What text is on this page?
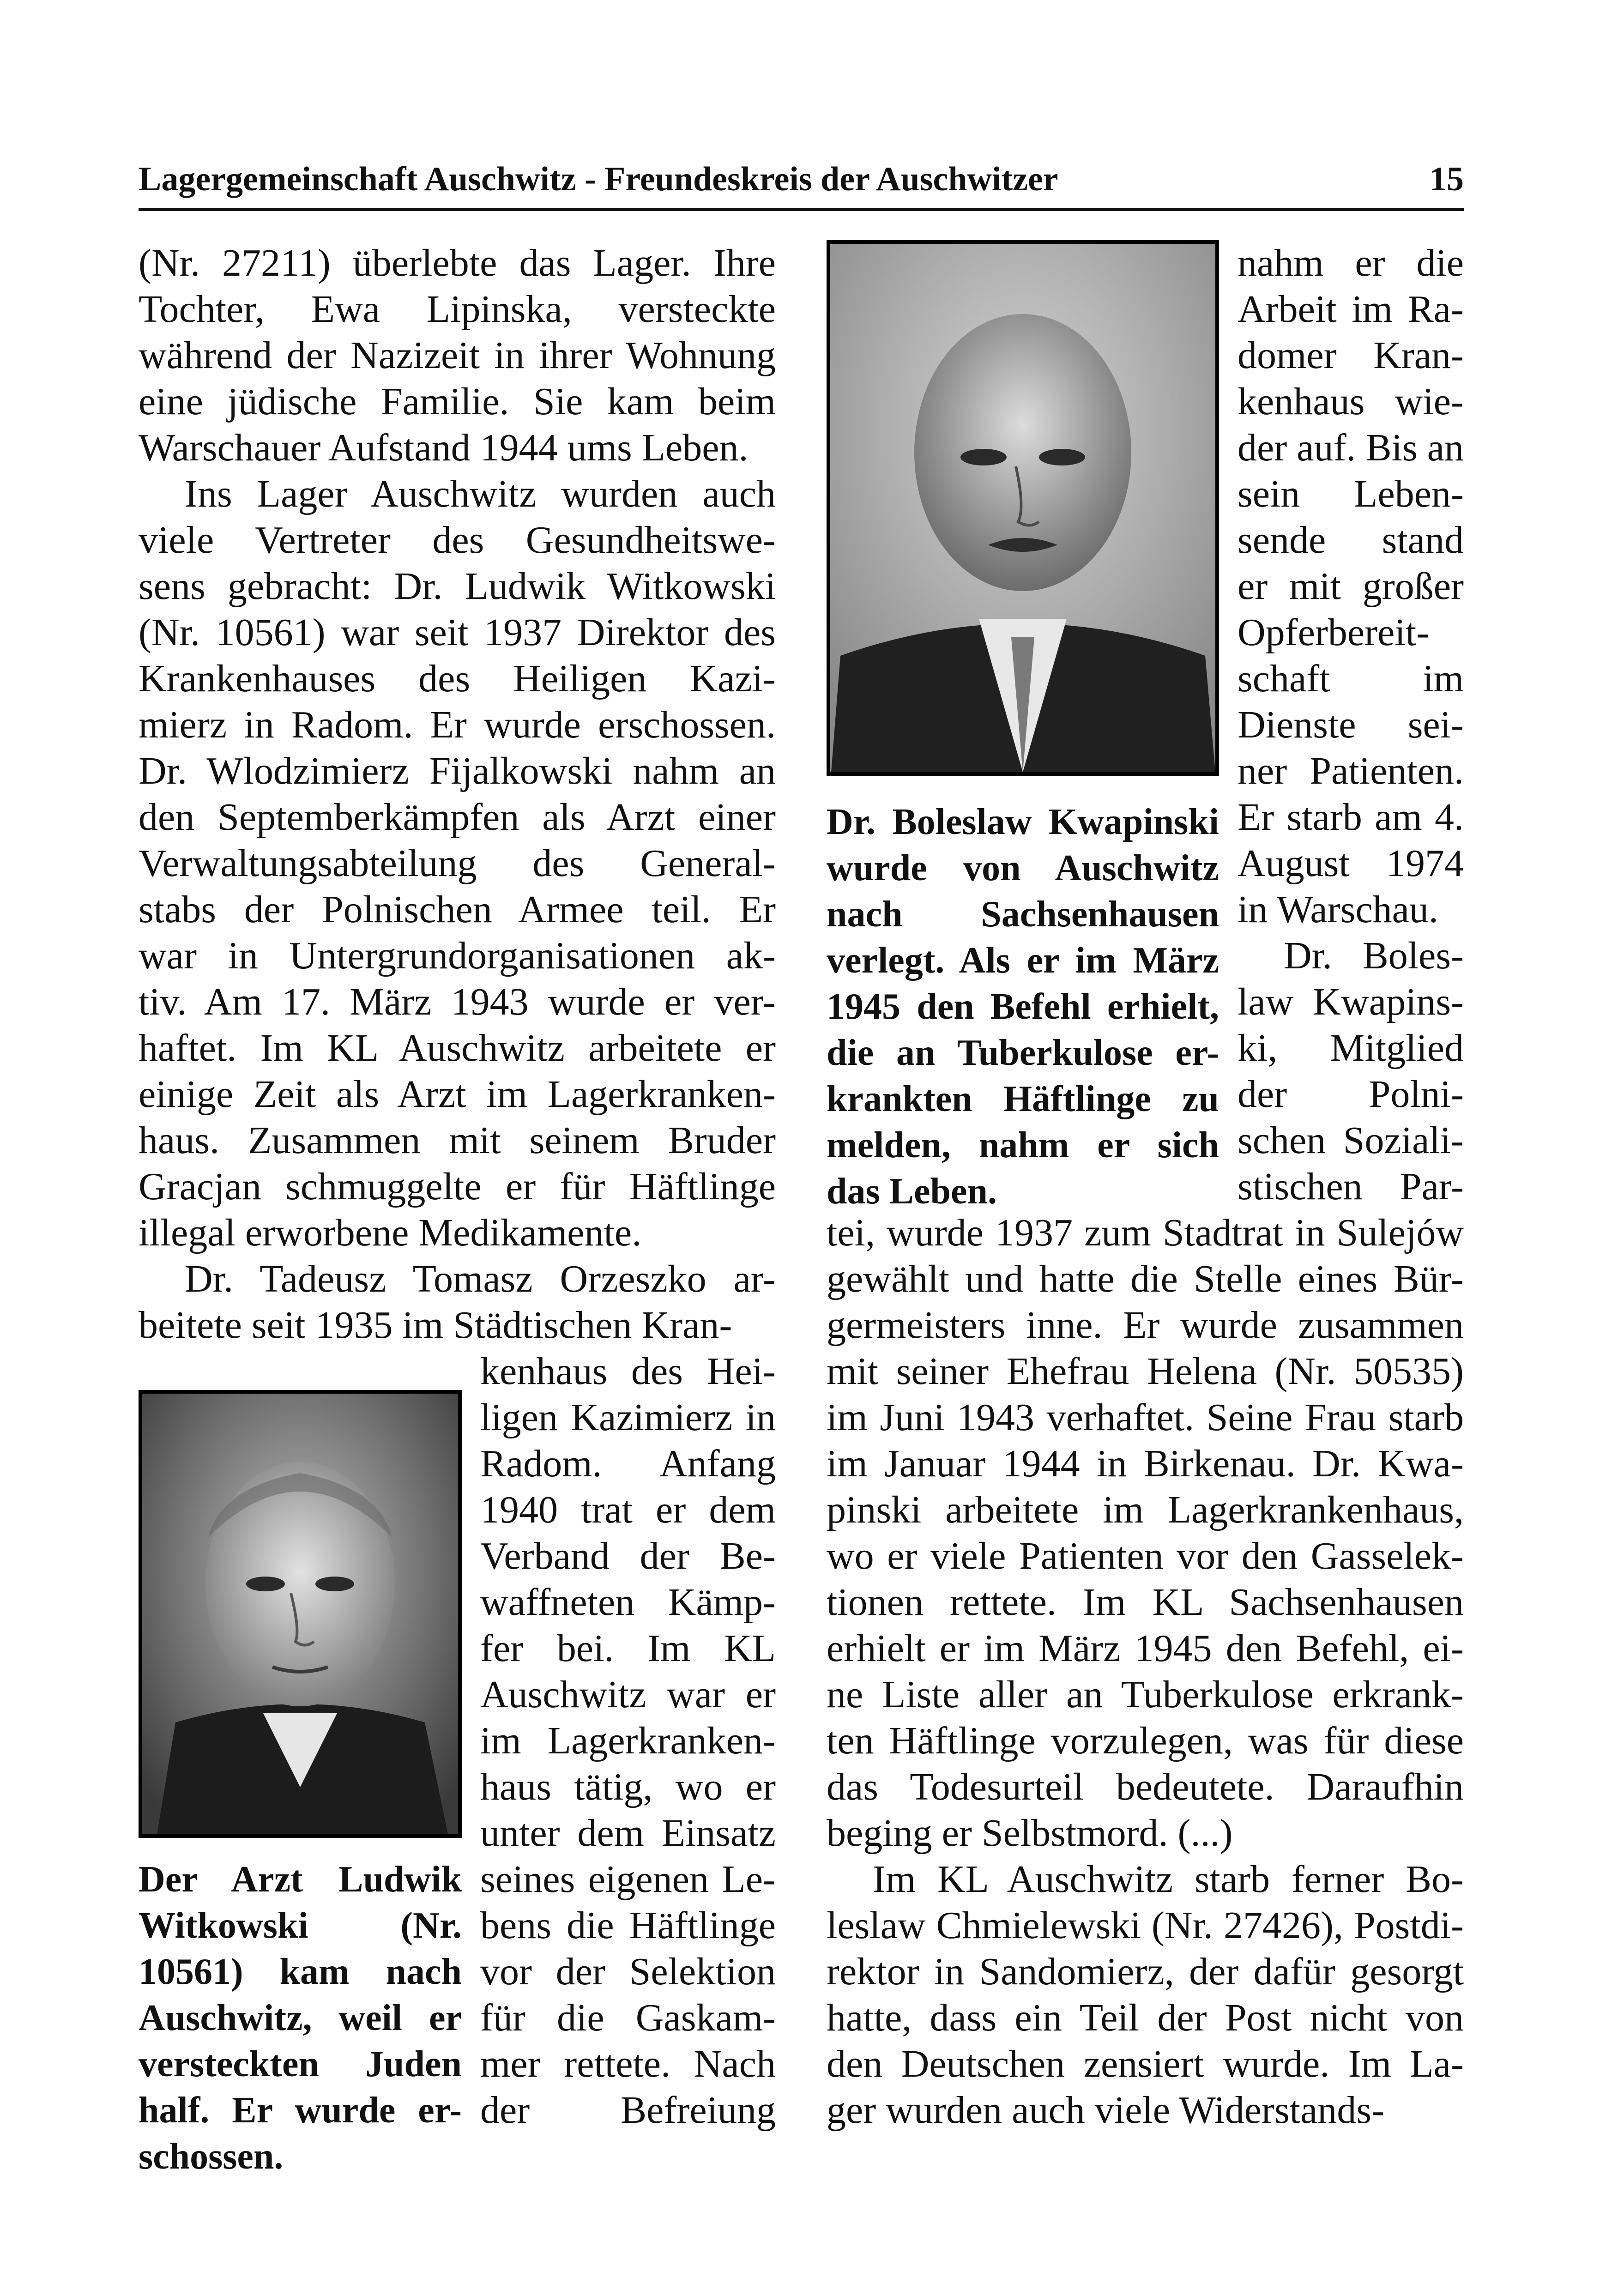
Lagergemeinschaft Auschwitz - Freundeskreis der Auschwitzer	15
(Nr. 27211) überlebte das Lager. Ihre
Tochter, Ewa Lipinska, versteckte
während der Nazizeit in ihrer Wohnung
eine jüdische Familie. Sie kam beim
Warschauer Aufstand 1944 ums Leben.
Ins Lager Auschwitz wurden auch
viele Vertreter des Gesundheitswe-
sens gebracht: Dr. Ludwik Witkowski
(Nr. 10561) war seit 1937 Direktor des
Krankenhauses des Heiligen Kazi-
mierz in Radom. Er wurde erschossen.
Dr. Wlodzimierz Fijalkowski nahm an
den Septemberkämpfen als Arzt einer
Verwaltungsabteilung des General-
stabs der Polnischen Armee teil. Er
war in Untergrundorganisationen ak-
tiv. Am 17. März 1943 wurde er ver-
haftet. Im KL Auschwitz arbeitete er
einige Zeit als Arzt im Lagerkranken-
haus. Zusammen mit seinem Bruder
Gracjan schmuggelte er für Häftlinge
illegal erworbene Medikamente.
Dr. Tadeusz Tomasz Orzeszko ar-
beitete seit 1935 im Städtischen Kran-
kenhaus des Hei-
ligen Kazimierz in
Radom. Anfang
1940 trat er dem
Verband der Be-
waffneten Kämp-
fer bei. Im KL
Auschwitz war er
im Lagerkranken-
haus tätig, wo er
unter dem Einsatz
seines eigenen Le-
bens die Häftlinge
vor der Selektion
für die Gaskam-
mer rettete. Nach
der Befreiung
Der Arzt Ludwik
Witkowski (Nr.
10561) kam nach
Auschwitz, weil er
versteckten Juden
half. Er wurde er-
schossen.
Dr. Boleslaw Kwapinski
wurde von Auschwitz
nach Sachsenhausen
verlegt. Als er im März
1945 den Befehl erhielt,
die an Tuberkulose er-
krankten Häftlinge zu
melden, nahm er sich
das Leben.
nahm er die
Arbeit im Ra-
domer Kran-
kenhaus wie-
der auf. Bis an
sein Leben-
sende stand
er mit großer
Opferbereit-
schaft im
Dienste sei-
ner Patienten.
Er starb am 4.
August 1974
in Warschau.
Dr. Boles-
law Kwapins-
ki, Mitglied
der Polni-
schen Soziali-
stischen Par-
tei, wurde 1937 zum Stadtrat in Sulejów
gewählt und hatte die Stelle eines Bür-
germeisters inne. Er wurde zusammen
mit seiner Ehefrau Helena (Nr. 50535)
im Juni 1943 verhaftet. Seine Frau starb
im Januar 1944 in Birkenau. Dr. Kwa-
pinski arbeitete im Lagerkrankenhaus,
wo er viele Patienten vor den Gasselek-
tionen rettete. Im KL Sachsenhausen
erhielt er im März 1945 den Befehl, ei-
ne Liste aller an Tuberkulose erkrank-
ten Häftlinge vorzulegen, was für diese
das Todesurteil bedeutete. Daraufhin
beging er Selbstmord. (...)
Im KL Auschwitz starb ferner Bo-
leslaw Chmielewski (Nr. 27426), Postdi-
rektor in Sandomierz, der dafür gesorgt
hatte, dass ein Teil der Post nicht von
den Deutschen zensiert wurde. Im La-
ger wurden auch viele Widerstands-
